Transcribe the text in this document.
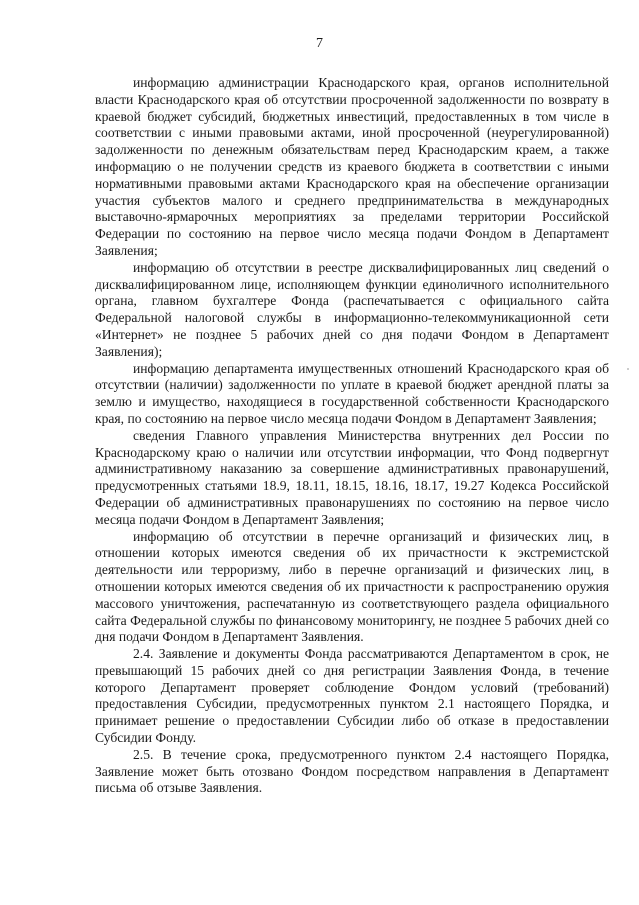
7

информацию администрации Краснодарского края, органов исполнительной власти Краснодарского края об отсутствии просроченной задолженности по возврату в краевой бюджет субсидий, бюджетных инвестиций, предоставленных в том числе в соответствии с иными правовыми актами, иной просроченной (неурегулированной) задолженности по денежным обязательствам перед Краснодарским краем, а также информацию о не получении средств из краевого бюджета в соответствии с иными нормативными правовыми актами Краснодарского края на обеспечение организации участия субъектов малого и среднего предпринимательства в международных выставочно-ярмарочных мероприятиях за пределами территории Российской Федерации по состоянию на первое число месяца подачи Фондом в Департамент Заявления;

информацию об отсутствии в реестре дисквалифицированных лиц сведений о дисквалифицированном лице, исполняющем функции единоличного исполнительного органа, главном бухгалтере Фонда (распечатывается с официального сайта Федеральной налоговой службы в информационно-телекоммуникационной сети «Интернет» не позднее 5 рабочих дней со дня подачи Фондом в Департамент Заявления);

информацию департамента имущественных отношений Краснодарского края об отсутствии (наличии) задолженности по уплате в краевой бюджет арендной платы за землю и имущество, находящиеся в государственной собственности Краснодарского края, по состоянию на первое число месяца подачи Фондом в Департамент Заявления;

сведения Главного управления Министерства внутренних дел России по Краснодарскому краю о наличии или отсутствии информации, что Фонд подвергнут административному наказанию за совершение административных правонарушений, предусмотренных статьями 18.9, 18.11, 18.15, 18.16, 18.17, 19.27 Кодекса Российской Федерации об административных правонарушениях по состоянию на первое число месяца подачи Фондом в Департамент Заявления;

информацию об отсутствии в перечне организаций и физических лиц, в отношении которых имеются сведения об их причастности к экстремистской деятельности или терроризму, либо в перечне организаций и физических лиц, в отношении которых имеются сведения об их причастности к распространению оружия массового уничтожения, распечатанную из соответствующего раздела официального сайта Федеральной службы по финансовому мониторингу, не позднее 5 рабочих дней со дня подачи Фондом в Департамент Заявления.

2.4. Заявление и документы Фонда рассматриваются Департаментом в срок, не превышающий 15 рабочих дней со дня регистрации Заявления Фонда, в течение которого Департамент проверяет соблюдение Фондом условий (требований) предоставления Субсидии, предусмотренных пунктом 2.1 настоящего Порядка, и принимает решение о предоставлении Субсидии либо об отказе в предоставлении Субсидии Фонду.

2.5. В течение срока, предусмотренного пунктом 2.4 настоящего Порядка, Заявление может быть отозвано Фондом посредством направления в Департамент письма об отзыве Заявления.
